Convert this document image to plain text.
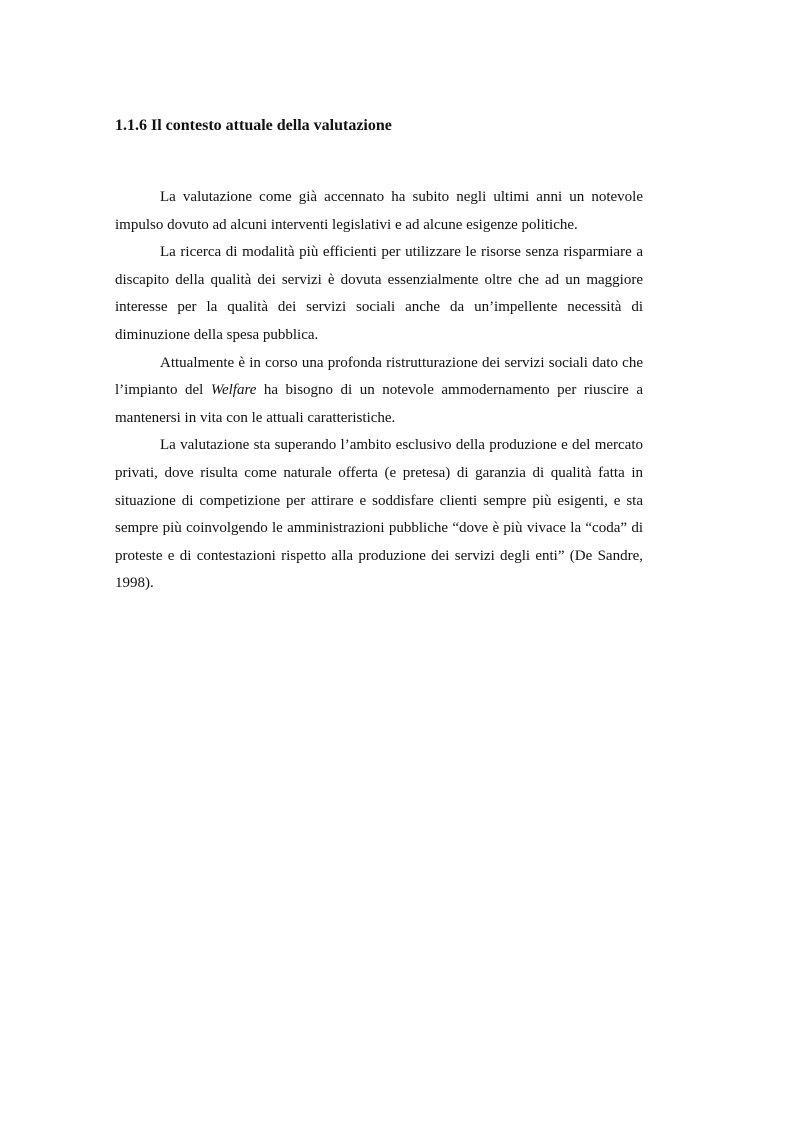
1.1.6 Il contesto attuale della valutazione

La valutazione come già accennato ha subito negli ultimi anni un notevole impulso dovuto ad alcuni interventi legislativi e ad alcune esigenze politiche.

La ricerca di modalità più efficienti per utilizzare le risorse senza risparmiare a discapito della qualità dei servizi è dovuta essenzialmente oltre che ad un maggiore interesse per la qualità dei servizi sociali anche da un’impellente necessità di diminuzione della spesa pubblica.

Attualmente è in corso una profonda ristrutturazione dei servizi sociali dato che l’impianto del Welfare ha bisogno di un notevole ammodernamento per riuscire a mantenersi in vita con le attuali caratteristiche.

La valutazione sta superando l’ambito esclusivo della produzione e del mercato privati, dove risulta come naturale offerta (e pretesa) di garanzia di qualità fatta in situazione di competizione per attirare e soddisfare clienti sempre più esigenti, e sta sempre più coinvolgendo le amministrazioni pubbliche “dove è più vivace la “coda” di proteste e di contestazioni rispetto alla produzione dei servizi degli enti” (De Sandre, 1998).
